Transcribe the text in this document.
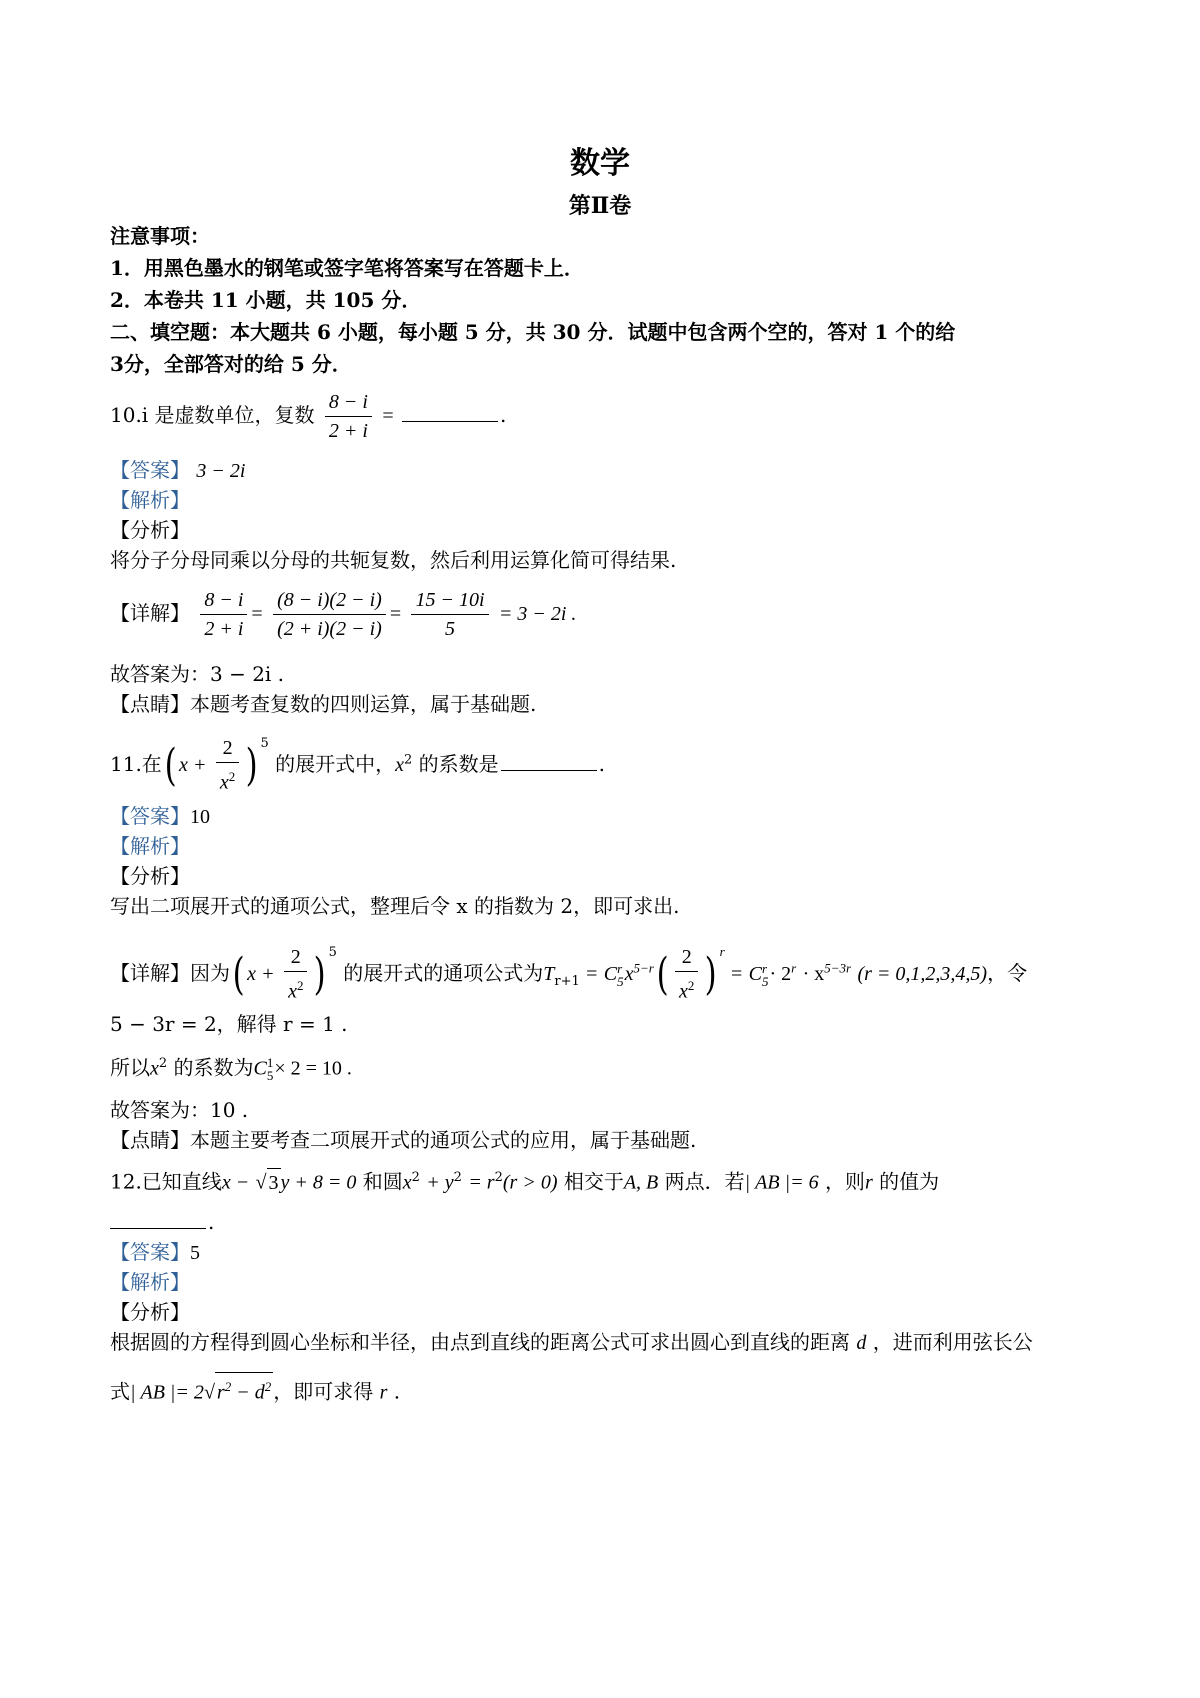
数学
第Ⅱ卷
注意事项：
1．用黑色墨水的钢笔或签字笔将答案写在答题卡上．
2．本卷共 11 小题，共 105 分．
二、填空题：本大题共 6 小题，每小题 5 分，共 30 分．试题中包含两个空的，答对 1 个的给
3分，全部答对的给 5 分．
10.i 是虚数单位，复数 $\frac{8 - i}{2 + i}$ =	.
【答案】 3 − 2i
【解析】
【分析】
将分子分母同乘以分母的共轭复数，然后利用运算化简可得结果.
【详解】 $\frac{8 - i}{2 + i} = \frac{(8 - i)(2 - i)}{(2 + i)(2 - i)} = \frac{15 - 10i}{5} = 3 - 2i$ .
故答案为：3 − 2i .
【点睛】本题考查复数的四则运算，属于基础题.
11.在( $x + \frac{2}{x^2}$ ) $^5$ 的展开式中，$x^2$ 的系数是	.
【答案】10
【解析】
【分析】
写出二项展开式的通项公式，整理后令 x 的指数为 2，即可求出.
【详解】因为( $x + \frac{2}{x^2}$ ) $^5$ 的展开式的通项公式为$T_{r+1} = C$ r
5 $x^{5-r}( \frac{2}{x^2}$ ) $^r$ = C r
$5 \cdot 2^r \cdot x^{5-3r}$ (r = 0,1,2,3,4,5)，令
5 − 3r = 2，解得 r = 1 .
所以$x^2$ 的系数为C 1
5 × 2 = 10 .
故答案为：10 .
【点睛】本题主要考查二项展开式的通项公式的应用，属于基础题.
12.已知直线x − √ 3 y + 8 = 0 和圆$x^2 + y^2 = r^2(r > 0)$ 相交于A, B 两点．若| AB |= 6 ，则r 的值为
.
【答案】5
【解析】
【分析】
根据圆的方程得到圆心坐标和半径，由点到直线的距离公式可求出圆心到直线的距离 d ，进而利用弦长公
式| AB |= 2√ $r^2 - d^2$ ，即可求得 r .
